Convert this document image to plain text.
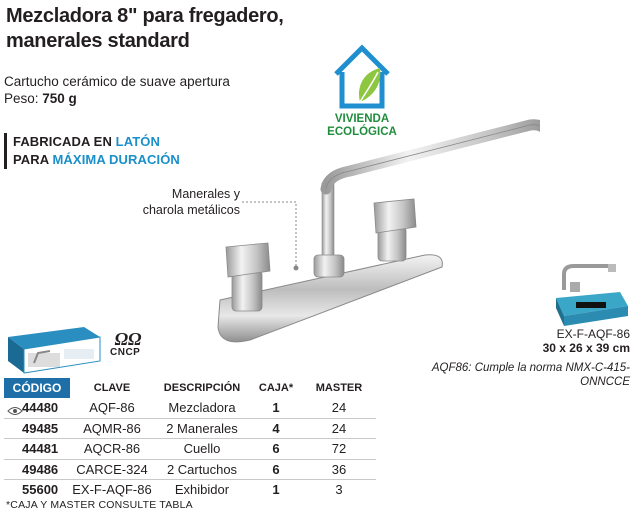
Mezcladora 8" para fregadero, manerales standard
Cartucho cerámico de suave apertura
Peso: 750 g
FABRICADA EN LATÓN
PARA MÁXIMA DURACIÓN
VIVIENDA
ECOLÓGICA
Manerales y
charola metálicos
EX-F-AQF-86
30 x 26 x 39 cm
AQF86: Cumple la norma NMX-C-415-ONNCCE
ΩΩ
CNCP
CÓDIGO	CLAVE	DESCRIPCIÓN	CAJA*	MASTER
44480	AQF-86	Mezcladora	1	24
49485	AQMR-86	2 Manerales	4	24
44481	AQCR-86	Cuello	6	72
49486	CARCE-324	2 Cartuchos	6	36
55600	EX-F-AQF-86	Exhibidor	1	3
*CAJA Y MASTER CONSULTE TABLA
